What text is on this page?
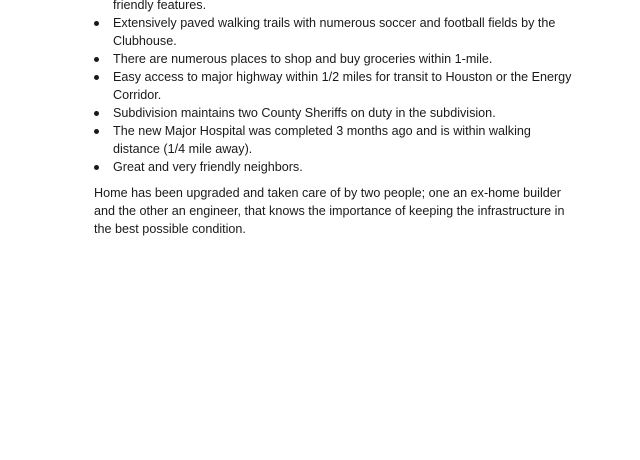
friendly features.
Extensively paved walking trails with numerous soccer and football fields by the Clubhouse.
There are numerous places to shop and buy groceries within 1-mile.
Easy access to major highway within 1/2 miles for transit to Houston or the Energy Corridor.
Subdivision maintains two County Sheriffs on duty in the subdivision.
The new Major Hospital was completed 3 months ago and is within walking distance (1/4 mile away).
Great and very friendly neighbors.

Home has been upgraded and taken care of by two people; one an ex-home builder and the other an engineer, that knows the importance of keeping the infrastructure in the best possible condition.
